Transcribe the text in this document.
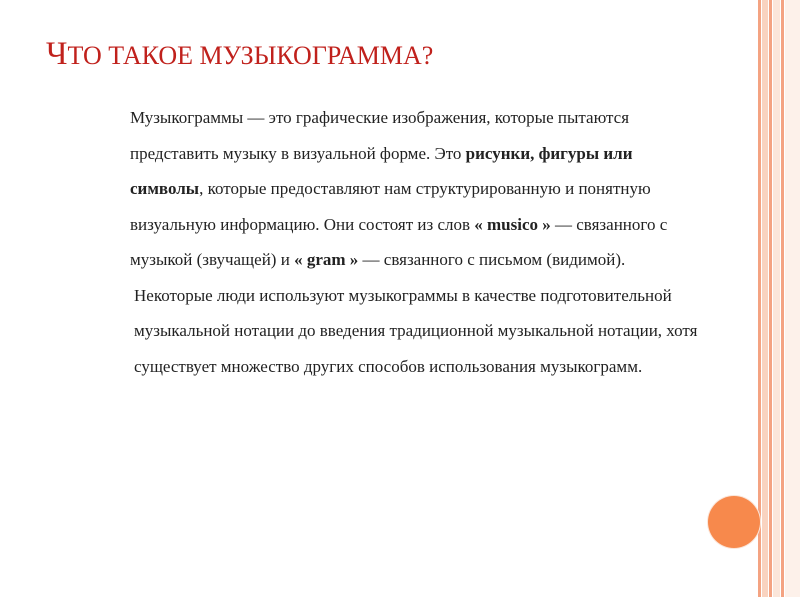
ЧТО ТАКОЕ МУЗЫКОГРАММА?

Музыкограммы — это графические изображения, которые пытаются представить музыку в визуальной форме. Это рисунки, фигуры или символы, которые предоставляют нам структурированную и понятную визуальную информацию. Они состоят из слов « musico » — связанного с музыкой (звучащей) и « gram » — связанного с письмом (видимой).

Некоторые люди используют музыкограммы в качестве подготовительной музыкальной нотации до введения традиционной музыкальной нотации, хотя существует множество других способов использования музыкограмм.
